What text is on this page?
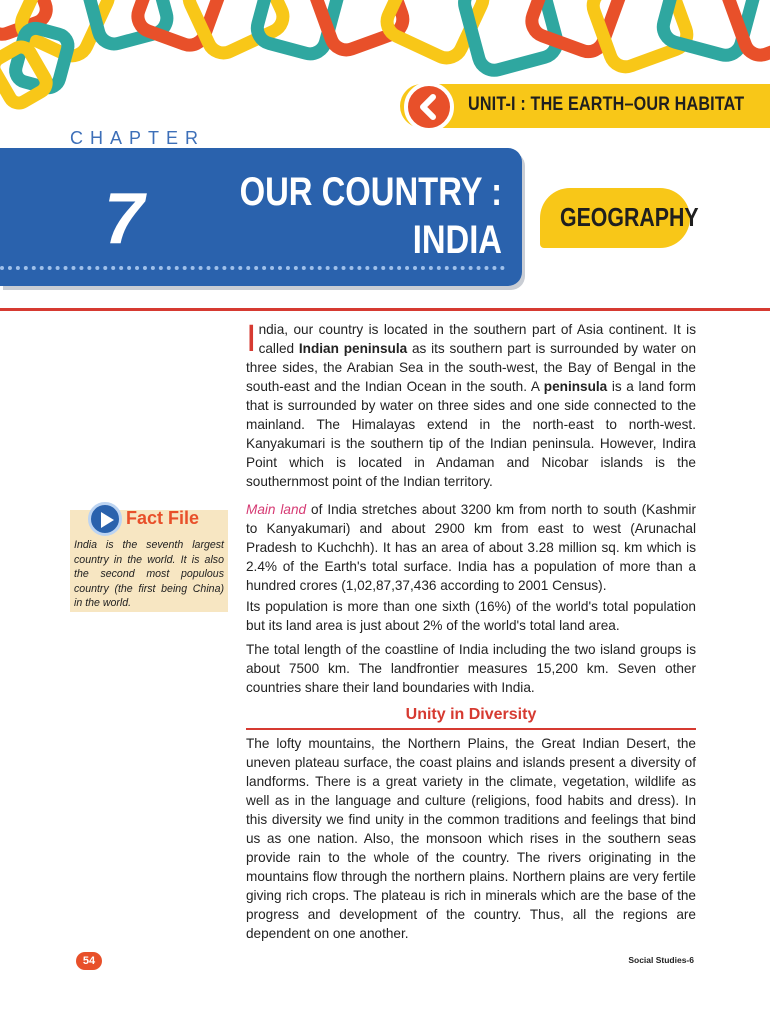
UNIT-I : THE EARTH–OUR HABITAT
CHAPTER
7 OUR COUNTRY :
INDIA
GEOGRAPHY
India, our country is located in the southern part of Asia continent. It is called Indian peninsula as its southern part is surrounded by water on three sides, the Arabian Sea in the south-west, the Bay of Bengal in the south-east and the Indian Ocean in the south. A peninsula is a land form that is surrounded by water on three sides and one side connected to the mainland. The Himalayas extend in the north-east to north-west. Kanyakumari is the southern tip of the Indian peninsula. However, Indira Point which is located in Andaman and Nicobar islands is the southernmost point of the Indian territory.
Main land of India stretches about 3200 km from north to south (Kashmir to Kanyakumari) and about 2900 km from east to west (Arunachal Pradesh to Kuchchh). It has an area of about 3.28 million sq. km which is 2.4% of the Earth's total surface. India has a population of more than a hundred crores (1,02,87,37,436 according to 2001 Census).
Its population is more than one sixth (16%) of the world's total population but its land area is just about 2% of the world's total land area.
The total length of the coastline of India including the two island groups is about 7500 km. The landfrontier measures 15,200 km. Seven other countries share their land boundaries with India.
Unity in Diversity
The lofty mountains, the Northern Plains, the Great Indian Desert, the uneven plateau surface, the coast plains and islands present a diversity of landforms. There is a great variety in the climate, vegetation, wildlife as well as in the language and culture (religions, food habits and dress). In this diversity we find unity in the common traditions and feelings that bind us as one nation. Also, the monsoon which rises in the southern seas provide rain to the whole of the country. The rivers originating in the mountains flow through the northern plains. Northern plains are very fertile giving rich crops. The plateau is rich in minerals which are the base of the progress and development of the country. Thus, all the regions are dependent on one another.
Fact File
India is the seventh largest country in the world. It is also the second most populous country (the first being China) in the world.
54	Social Studies-6
